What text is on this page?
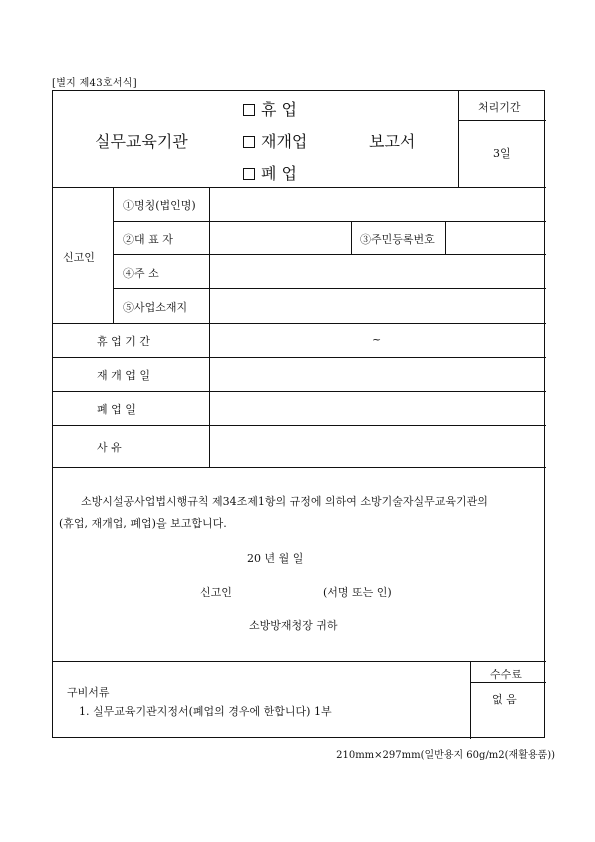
[별지 제43호서식]
실무교육기관
휴 업
재개업
폐 업
보고서
처리기간
3일
신고인
①명칭(법인명)
②대 표 자	③주민등록번호
④주 소
⑤사업소재지
휴 업 기 간	~
재 개 업 일
폐 업 일
사 유
소방시설공사업법시행규칙 제34조제1항의 규정에 의하여 소방기술자실무교육기관의
(휴업, 재개업, 폐업)을 보고합니다.
20 년 월 일
신고인	(서명 또는 인)
소방방재청장 귀하
구비서류
1. 실무교육기관지정서(폐업의 경우에 한합니다) 1부
수수료
없 음
210mm×297mm(일반용지 60g/m2(재활용품))
